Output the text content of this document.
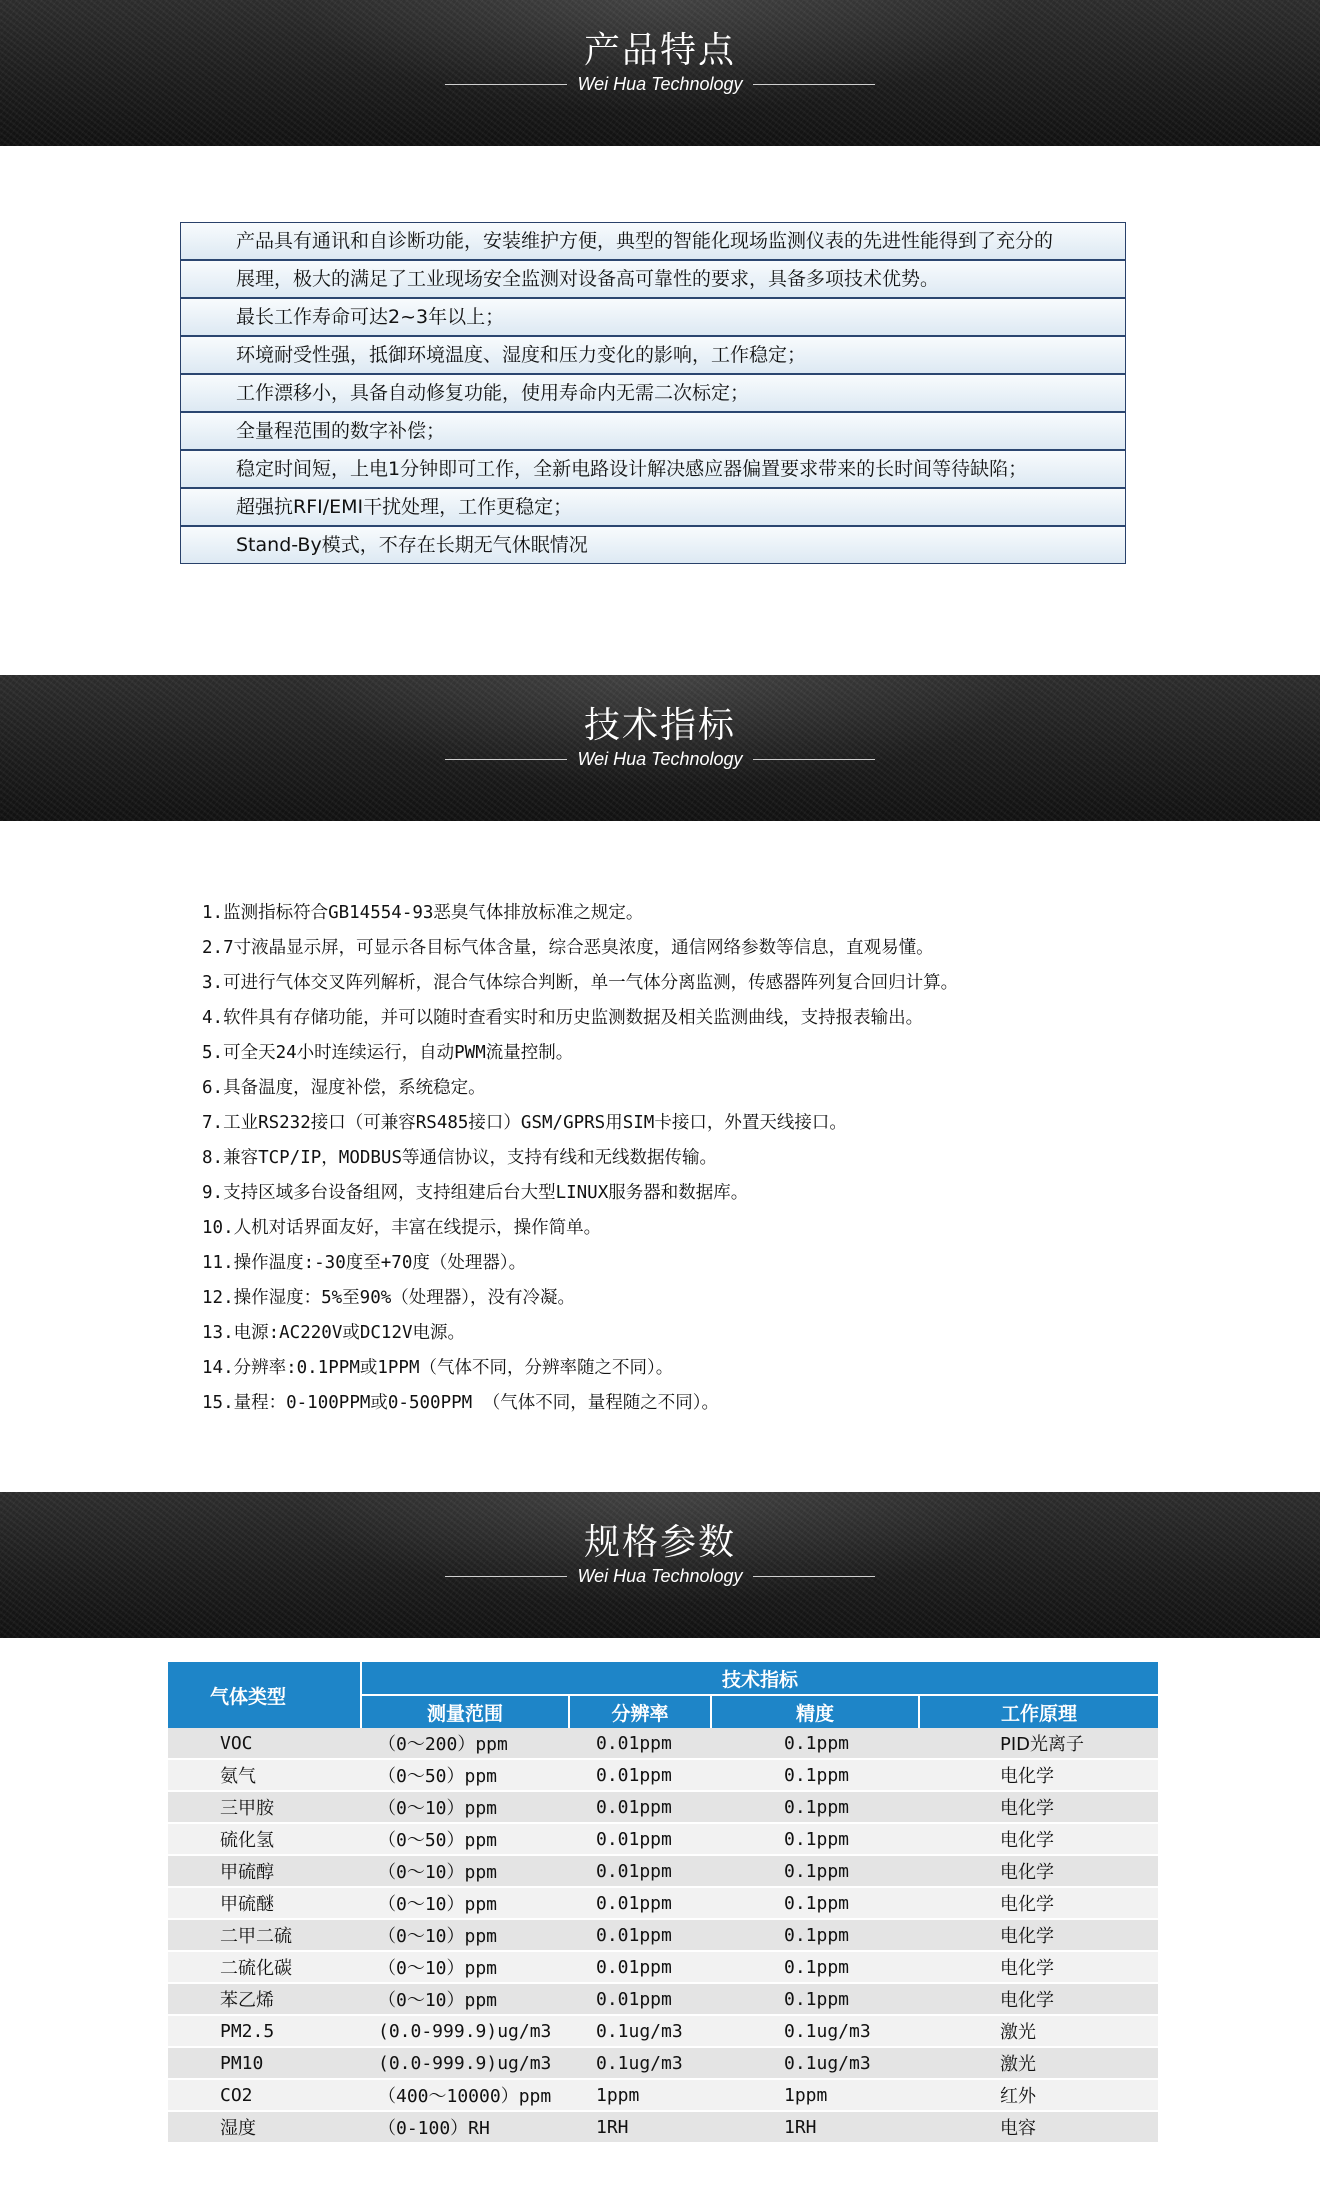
产品特点
Wei Hua Technology
产品具有通讯和自诊断功能，安装维护方便，典型的智能化现场监测仪表的先进性能得到了充分的
展理，极大的满足了工业现场安全监测对设备高可靠性的要求，具备多项技术优势。
最长工作寿命可达2~3年以上；
环境耐受性强，抵御环境温度、湿度和压力变化的影响，工作稳定；
工作漂移小，具备自动修复功能，使用寿命内无需二次标定；
全量程范围的数字补偿；
稳定时间短，上电1分钟即可工作，全新电路设计解决感应器偏置要求带来的长时间等待缺陷；
超强抗RFI/EMI干扰处理，工作更稳定；
Stand-By模式，不存在长期无气休眠情况
技术指标
Wei Hua Technology
1.监测指标符合GB14554-93恶臭气体排放标准之规定。
2.7寸液晶显示屏，可显示各目标气体含量，综合恶臭浓度，通信网络参数等信息，直观易懂。
3.可进行气体交叉阵列解析，混合气体综合判断，单一气体分离监测，传感器阵列复合回归计算。
4.软件具有存储功能，并可以随时查看实时和历史监测数据及相关监测曲线，支持报表输出。
5.可全天24小时连续运行，自动PWM流量控制。
6.具备温度，湿度补偿，系统稳定。
7.工业RS232接口（可兼容RS485接口）GSM/GPRS用SIM卡接口，外置天线接口。
8.兼容TCP/IP，MODBUS等通信协议，支持有线和无线数据传输。
9.支持区域多台设备组网，支持组建后台大型LINUX服务器和数据库。
10.人机对话界面友好，丰富在线提示，操作简单。
11.操作温度:-30度至+70度（处理器）。
12.操作湿度：5%至90%（处理器），没有冷凝。
13.电源:AC220V或DC12V电源。
14.分辨率:0.1PPM或1PPM（气体不同，分辨率随之不同）。
15.量程：0-100PPM或0-500PPM （气体不同，量程随之不同）。
规格参数
Wei Hua Technology
气体类型	技术指标			
	测量范围	分辨率	精度	工作原理
VOC	（0～200）ppm	0.01ppm	0.1ppm	PID光离子
氨气	（0～50）ppm	0.01ppm	0.1ppm	电化学
三甲胺	（0～10）ppm	0.01ppm	0.1ppm	电化学
硫化氢	（0～50）ppm	0.01ppm	0.1ppm	电化学
甲硫醇	（0～10）ppm	0.01ppm	0.1ppm	电化学
甲硫醚	（0～10）ppm	0.01ppm	0.1ppm	电化学
二甲二硫	（0～10）ppm	0.01ppm	0.1ppm	电化学
二硫化碳	（0～10）ppm	0.01ppm	0.1ppm	电化学
苯乙烯	（0～10）ppm	0.01ppm	0.1ppm	电化学
PM2.5	(0.0-999.9)ug/m3	0.1ug/m3	0.1ug/m3	激光
PM10	(0.0-999.9)ug/m3	0.1ug/m3	0.1ug/m3	激光
CO2	（400～10000）ppm	1ppm	1ppm	红外
湿度	（0-100）RH	1RH	1RH	电容
